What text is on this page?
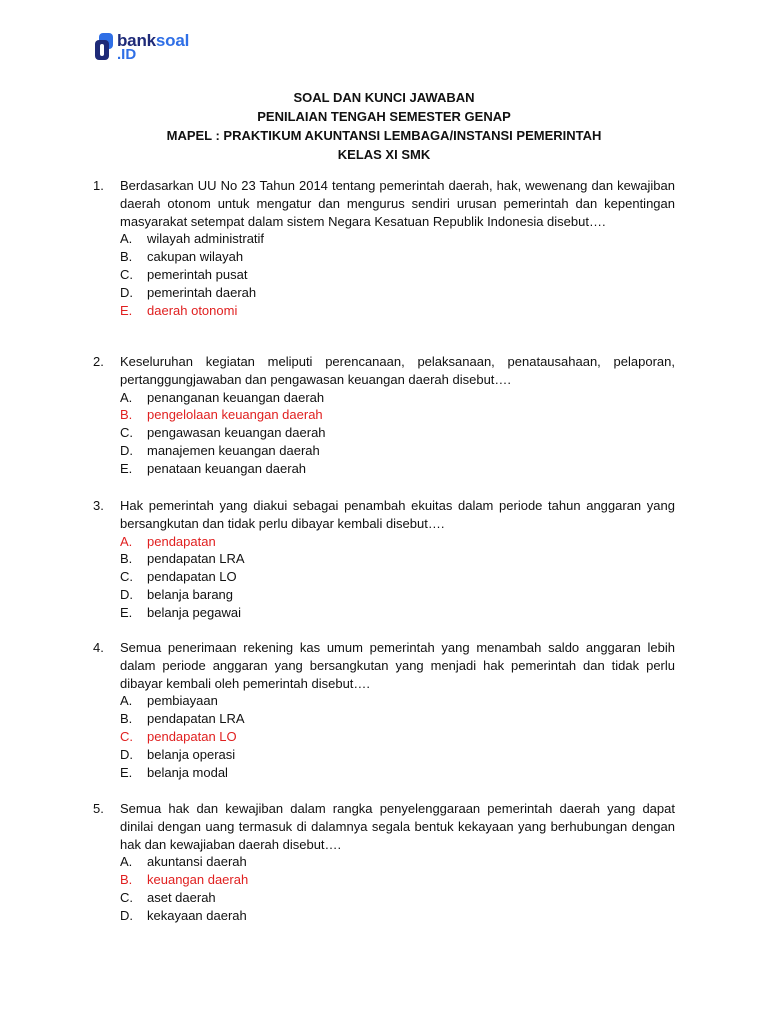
banksoal
.ID
SOAL DAN KUNCI JAWABAN
PENILAIAN TENGAH SEMESTER GENAP
MAPEL : PRAKTIKUM AKUNTANSI LEMBAGA/INSTANSI PEMERINTAH
KELAS XI SMK
1. Berdasarkan UU No 23 Tahun 2014 tentang pemerintah daerah, hak, wewenang dan kewajiban daerah otonom untuk mengatur dan mengurus sendiri urusan pemerintah dan kepentingan masyarakat setempat dalam sistem Negara Kesatuan Republik Indonesia disebut….
A. wilayah administratif
B. cakupan wilayah
C. pemerintah pusat
D. pemerintah daerah
E. daerah otonomi
2. Keseluruhan kegiatan meliputi perencanaan, pelaksanaan, penatausahaan, pelaporan, pertanggungjawaban dan pengawasan keuangan daerah disebut….
A. penanganan keuangan daerah
B. pengelolaan keuangan daerah
C. pengawasan keuangan daerah
D. manajemen keuangan daerah
E. penataan keuangan daerah
3. Hak pemerintah yang diakui sebagai penambah ekuitas dalam periode tahun anggaran yang bersangkutan dan tidak perlu dibayar kembali disebut….
A. pendapatan
B. pendapatan LRA
C. pendapatan LO
D. belanja barang
E. belanja pegawai
4. Semua penerimaan rekening kas umum pemerintah yang menambah saldo anggaran lebih dalam periode anggaran yang bersangkutan yang menjadi hak pemerintah dan tidak perlu dibayar kembali oleh pemerintah disebut….
A. pembiayaan
B. pendapatan LRA
C. pendapatan LO
D. belanja operasi
E. belanja modal
5. Semua hak dan kewajiban dalam rangka penyelenggaraan pemerintah daerah yang dapat dinilai dengan uang termasuk di dalamnya segala bentuk kekayaan yang berhubungan dengan hak dan kewajiaban daerah disebut….
A. akuntansi daerah
B. keuangan daerah
C. aset daerah
D. kekayaan daerah
